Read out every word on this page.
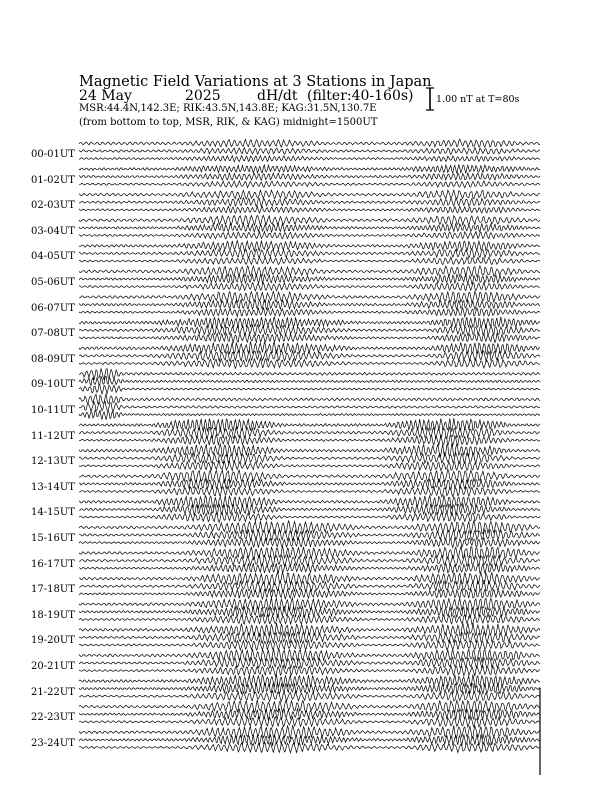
Magnetic Field Variations at 3 Stations in Japan
24 May	2025	dH/dt (filter:40-160s)
MSR:44.4N,142.3E; RIK:43.5N,143.8E; KAG:31.5N,130.7E
(from bottom to top, MSR, RIK, & KAG) midnight=1500UT
1.00 nT at T=80s
00-01UT
01-02UT
02-03UT
03-04UT
04-05UT
05-06UT
06-07UT
07-08UT
08-09UT
09-10UT
10-11UT
11-12UT
12-13UT
13-14UT
14-15UT
15-16UT
16-17UT
17-18UT
18-19UT
19-20UT
20-21UT
21-22UT
22-23UT
23-24UT
